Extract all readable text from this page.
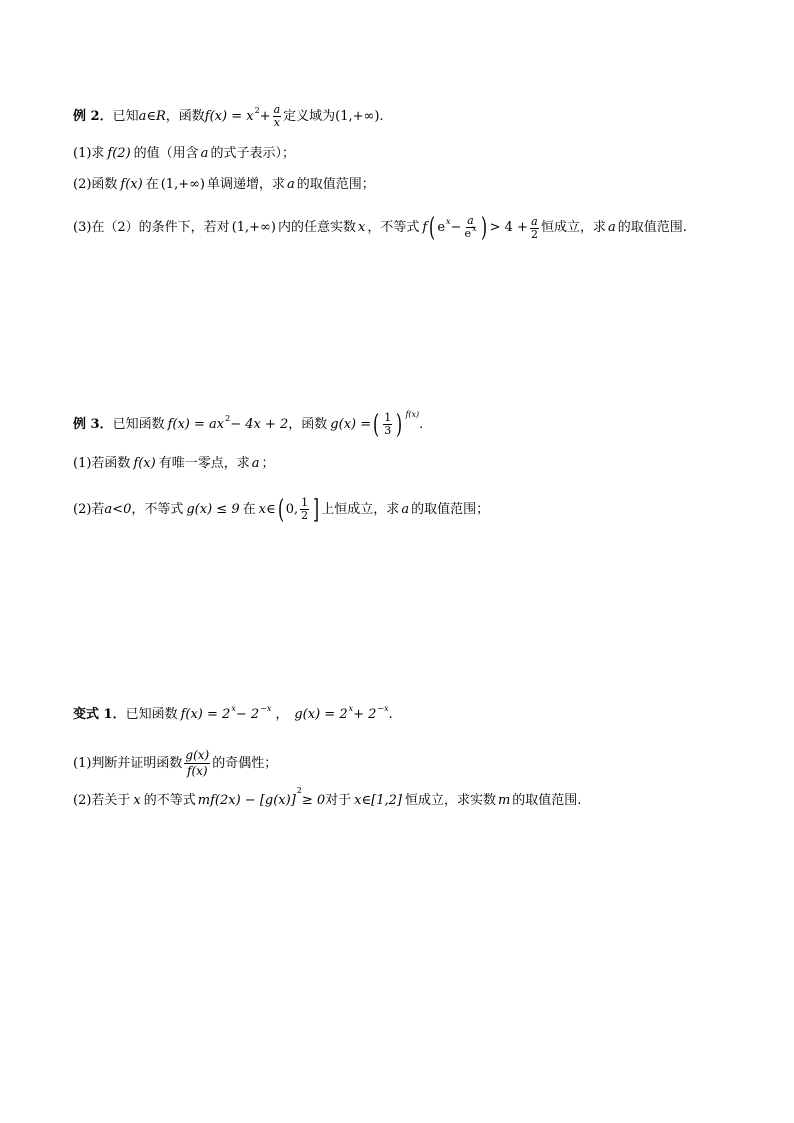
例 2． 已知 a∈R ，函数 f(x) = x $2 + \frac{a}{x}$ 定义域为 (1,+∞).
(1)求 f(2) 的值（用含 a 的式子表示）；
(2)函数 f(x) 在 (1,+∞) 单调递增，求 a 的取值范围；
(3)在（2）的条件下，若对 (1,+∞) 内的任意实数 x ，不等式 f ( e $x - \frac{a}{e^x}$ ) > $4 + \frac{a}{2}$ 恒成立，求 a 的取值范围.
例 3． 已知函数 f(x) = ax 2 − 4x + 2 ，函数 g(x) = ( $\frac{1}{3}$ ) f(x)
.
(1)若函数 f(x) 有唯一零点，求 a ；
(2)若 a<0 ，不等式 g(x) ≤ 9 在 x∈ ( 0, $\frac{1}{2}$ ] 上恒成立，求 a 的取值范围；
变式 1． 已知函数 f(x) = 2 x − 2 −x ， g(x) = 2 x + 2 −x .
(1)判断并证明函数 $\frac{g(x)}{f(x)}$ 的奇偶性；
(2)若关于 x 的不等式 mf(2x) − [g(x)]
2
≥ 0 对于 x∈[1,2] 恒成立，求实数 m 的取值范围.
